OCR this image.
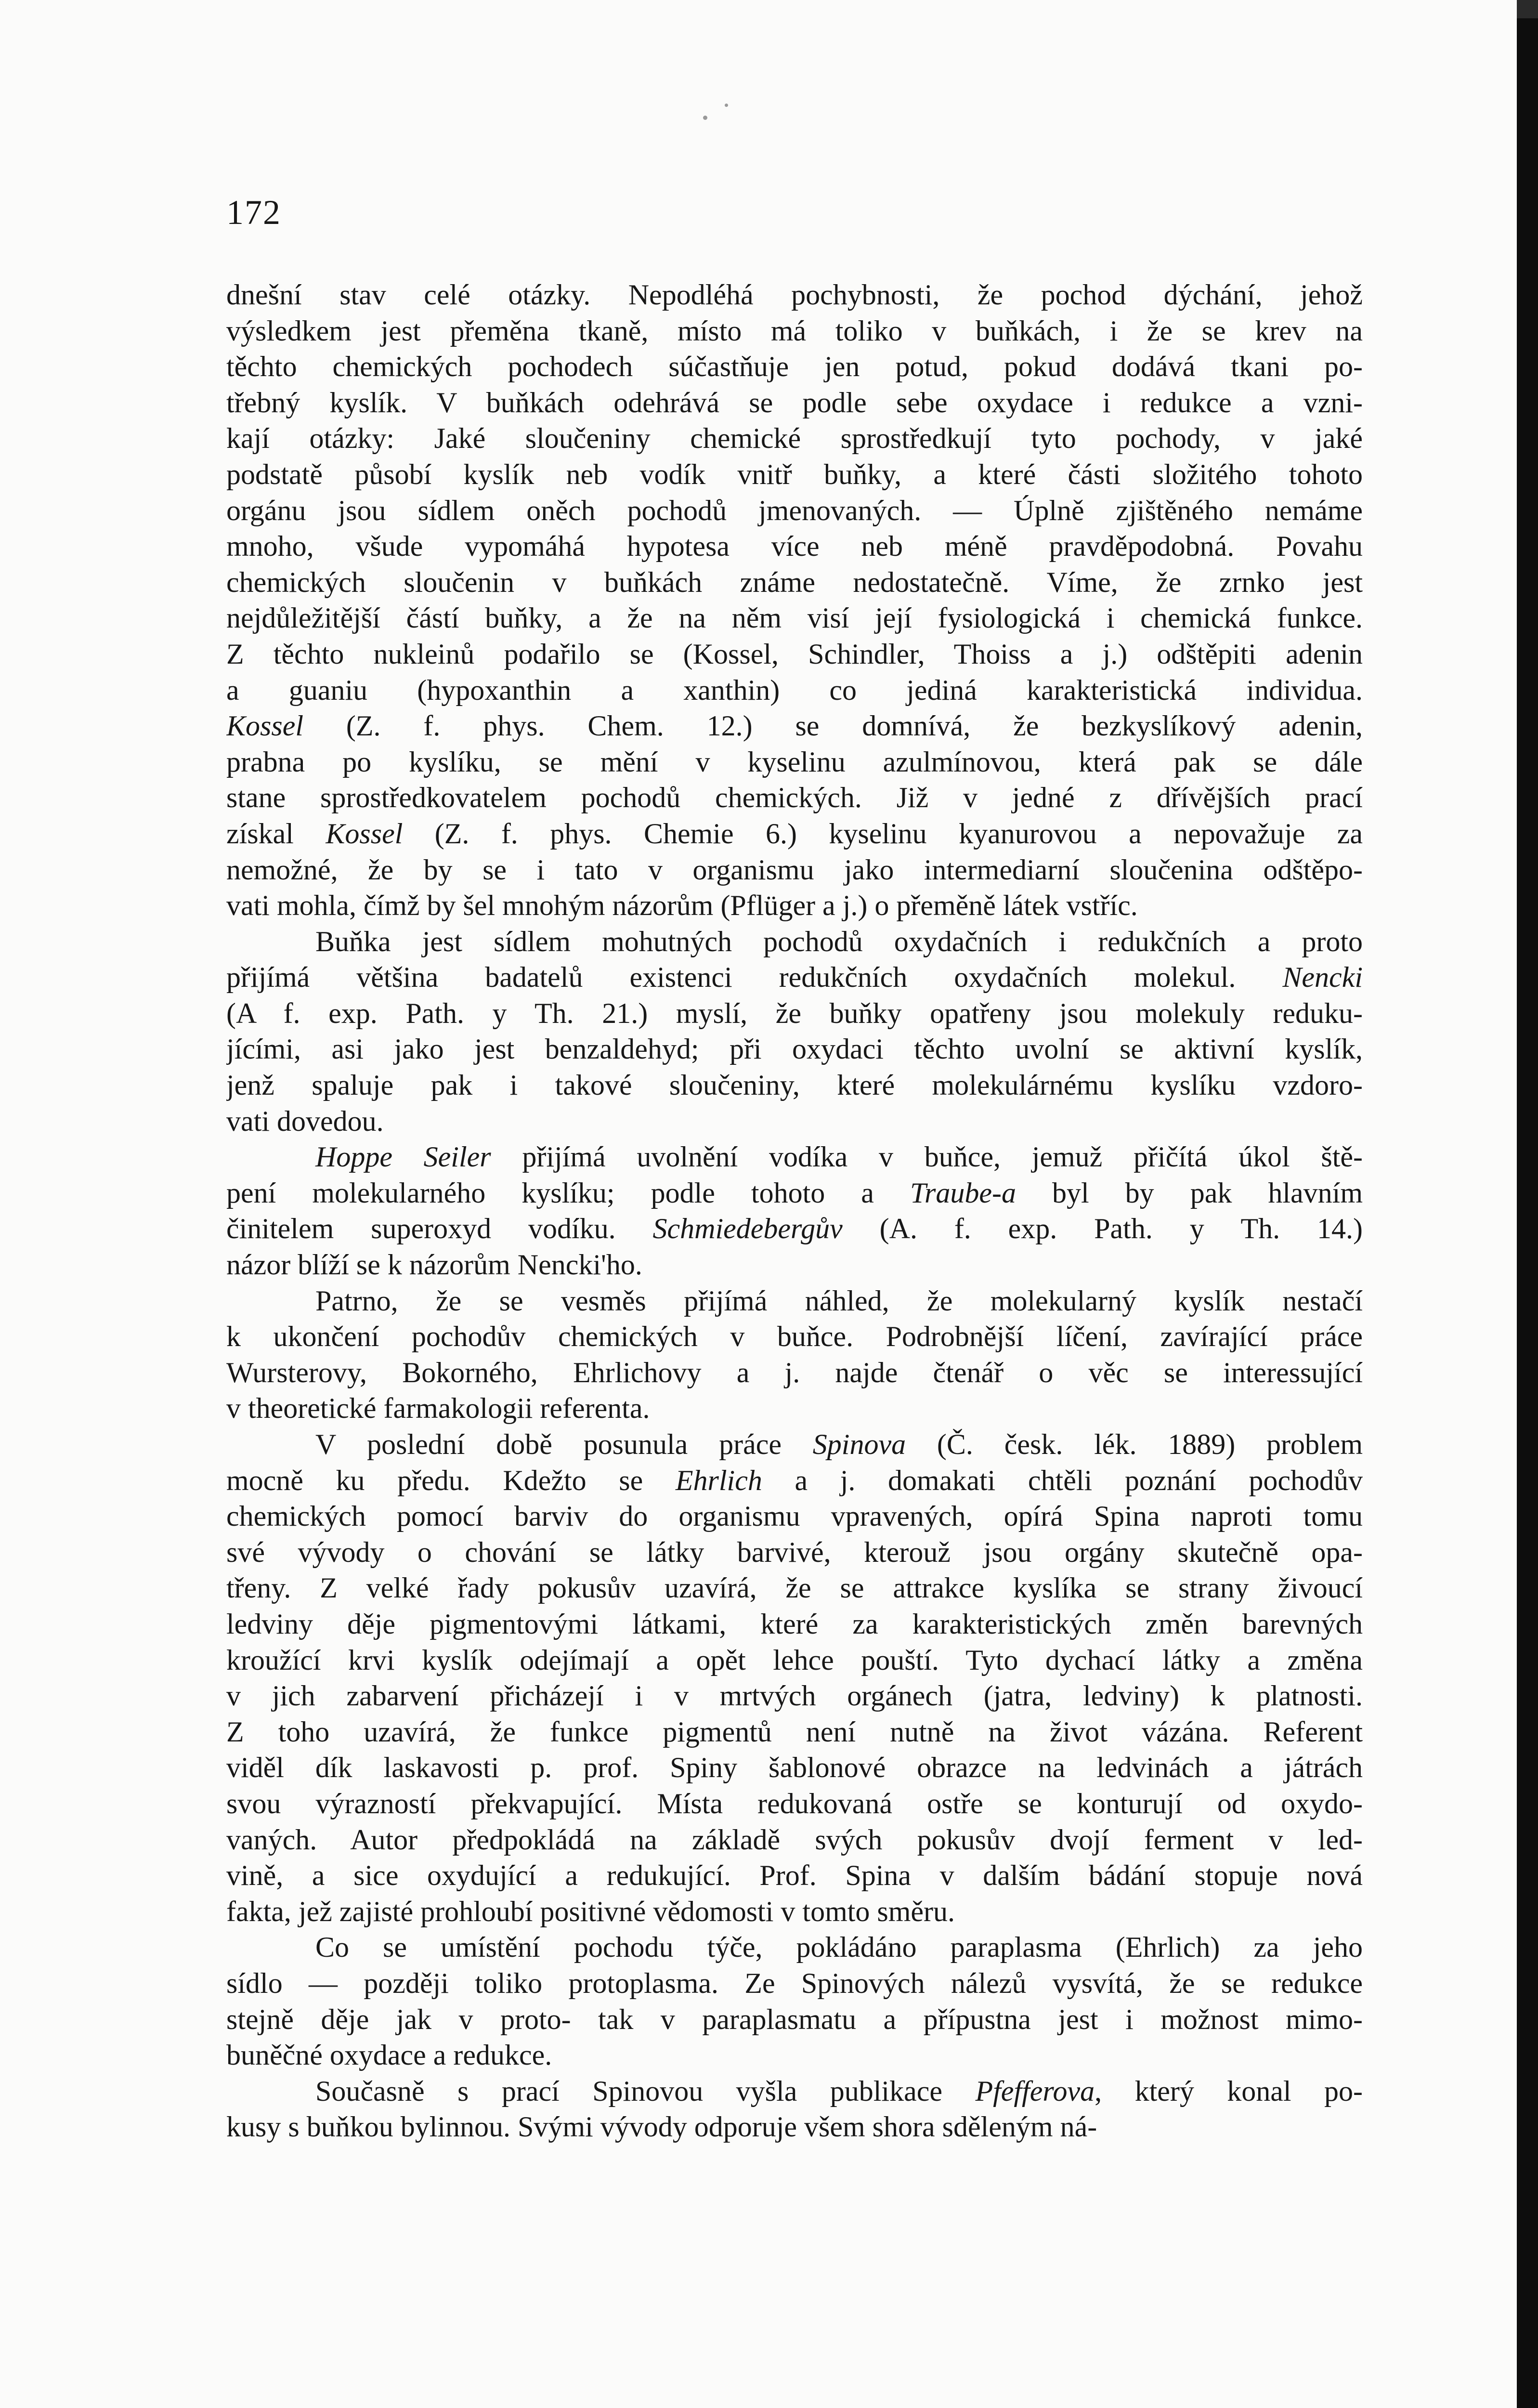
172
dnešní stav celé otázky. Nepodléhá pochybnosti, že pochod dýchání, jehož
výsledkem jest přeměna tkaně, místo má toliko v buňkách, i že se krev na
těchto chemických pochodech súčastňuje jen potud, pokud dodává tkani po-
třebný kyslík. V buňkách odehrává se podle sebe oxydace i redukce a vzni-
kají otázky: Jaké sloučeniny chemické sprostředkují tyto pochody, v jaké
podstatě působí kyslík neb vodík vnitř buňky, a které části složitého tohoto
orgánu jsou sídlem oněch pochodů jmenovaných. — Úplně zjištěného nemáme
mnoho, všude vypomáhá hypotesa více neb méně pravděpodobná. Povahu
chemických sloučenin v buňkách známe nedostatečně. Víme, že zrnko jest
nejdůležitější částí buňky, a že na něm visí její fysiologická i chemická funkce.
Z těchto nukleinů podařilo se (Kossel, Schindler, Thoiss a j.) odštěpiti adenin
a guaniu (hypoxanthin a xanthin) co jediná karakteristická individua.
Kossel (Z. f. phys. Chem. 12.) se domnívá, že bezkyslíkový adenin,
prabna po kyslíku, se mění v kyselinu azulmínovou, která pak se dále
stane sprostředkovatelem pochodů chemických. Již v jedné z dřívějších prací
získal Kossel (Z. f. phys. Chemie 6.) kyselinu kyanurovou a nepovažuje za
nemožné, že by se i tato v organismu jako intermediarní sloučenina odštěpo-
vati mohla, čímž by šel mnohým názorům (Pflüger a j.) o přeměně látek vstříc.
Buňka jest sídlem mohutných pochodů oxydačních i redukčních a proto
přijímá většina badatelů existenci redukčních oxydačních molekul. Nencki
(A f. exp. Path. y Th. 21.) myslí, že buňky opatřeny jsou molekuly reduku-
jícími, asi jako jest benzaldehyd; při oxydaci těchto uvolní se aktivní kyslík,
jenž spaluje pak i takové sloučeniny, které molekulárnému kyslíku vzdoro-
vati dovedou.
Hoppe Seiler přijímá uvolnění vodíka v buňce, jemuž přičítá úkol ště-
pení molekularného kyslíku; podle tohoto a Traube-a byl by pak hlavním
činitelem superoxyd vodíku. Schmiedebergův (A. f. exp. Path. y Th. 14.)
názor blíží se k názorům Nencki'ho.
Patrno, že se vesměs přijímá náhled, že molekularný kyslík nestačí
k ukončení pochodův chemických v buňce. Podrobnější líčení, zavírající práce
Wursterovy, Bokorného, Ehrlichovy a j. najde čtenář o věc se interessující
v theoretické farmakologii referenta.
V poslední době posunula práce Spinova (Č. česk. lék. 1889) problem
mocně ku předu. Kdežto se Ehrlich a j. domakati chtěli poznání pochodův
chemických pomocí barviv do organismu vpravených, opírá Spina naproti tomu
své vývody o chování se látky barvivé, kterouž jsou orgány skutečně opa-
třeny. Z velké řady pokusův uzavírá, že se attrakce kyslíka se strany živoucí
ledviny děje pigmentovými látkami, které za karakteristických změn barevných
kroužící krvi kyslík odejímají a opět lehce pouští. Tyto dychací látky a změna
v jich zabarvení přicházejí i v mrtvých orgánech (jatra, ledviny) k platnosti.
Z toho uzavírá, že funkce pigmentů není nutně na život vázána. Referent
viděl dík laskavosti p. prof. Spiny šablonové obrazce na ledvinách a játrách
svou výrazností překvapující. Místa redukovaná ostře se konturují od oxydo-
vaných. Autor předpokládá na základě svých pokusův dvojí ferment v led-
vině, a sice oxydující a redukující. Prof. Spina v dalším bádání stopuje nová
fakta, jež zajisté prohloubí positivné vědomosti v tomto směru.
Co se umístění pochodu týče, pokládáno paraplasma (Ehrlich) za jeho
sídlo — později toliko protoplasma. Ze Spinových nálezů vysvítá, že se redukce
stejně děje jak v proto- tak v paraplasmatu a přípustna jest i možnost mimo-
buněčné oxydace a redukce.
Současně s prací Spinovou vyšla publikace Pfefferova, který konal po-
kusy s buňkou bylinnou. Svými vývody odporuje všem shora sděleným ná-
